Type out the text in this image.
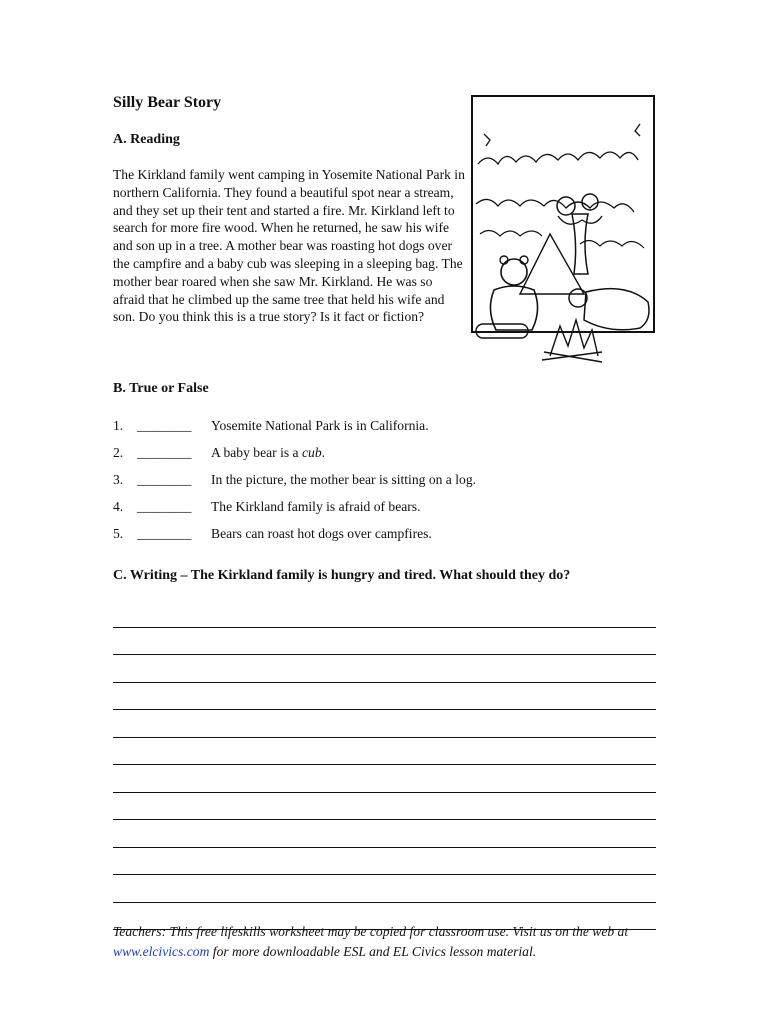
Silly Bear Story
A. Reading

The Kirkland family went camping in Yosemite National Park in northern California. They found a beautiful spot near a stream, and they set up their tent and started a fire. Mr. Kirkland left to search for more fire wood. When he returned, he saw his wife and son up in a tree. A mother bear was roasting hot dogs over the campfire and a baby cub was sleeping in a sleeping bag. The mother bear roared when she saw Mr. Kirkland. He was so afraid that he climbed up the same tree that held his wife and son. Do you think this is a true story? Is it fact or fiction?

B. True or False
1. ________ Yosemite National Park is in California.
2. ________ A baby bear is a cub.
3. ________ In the picture, the mother bear is sitting on a log.
4. ________ The Kirkland family is afraid of bears.
5. ________ Bears can roast hot dogs over campfires.
C. Writing – The Kirkland family is hungry and tired. What should they do?

Teachers: This free lifeskills worksheet may be copied for classroom use. Visit us on the web at www.elcivics.com for more downloadable ESL and EL Civics lesson material.
